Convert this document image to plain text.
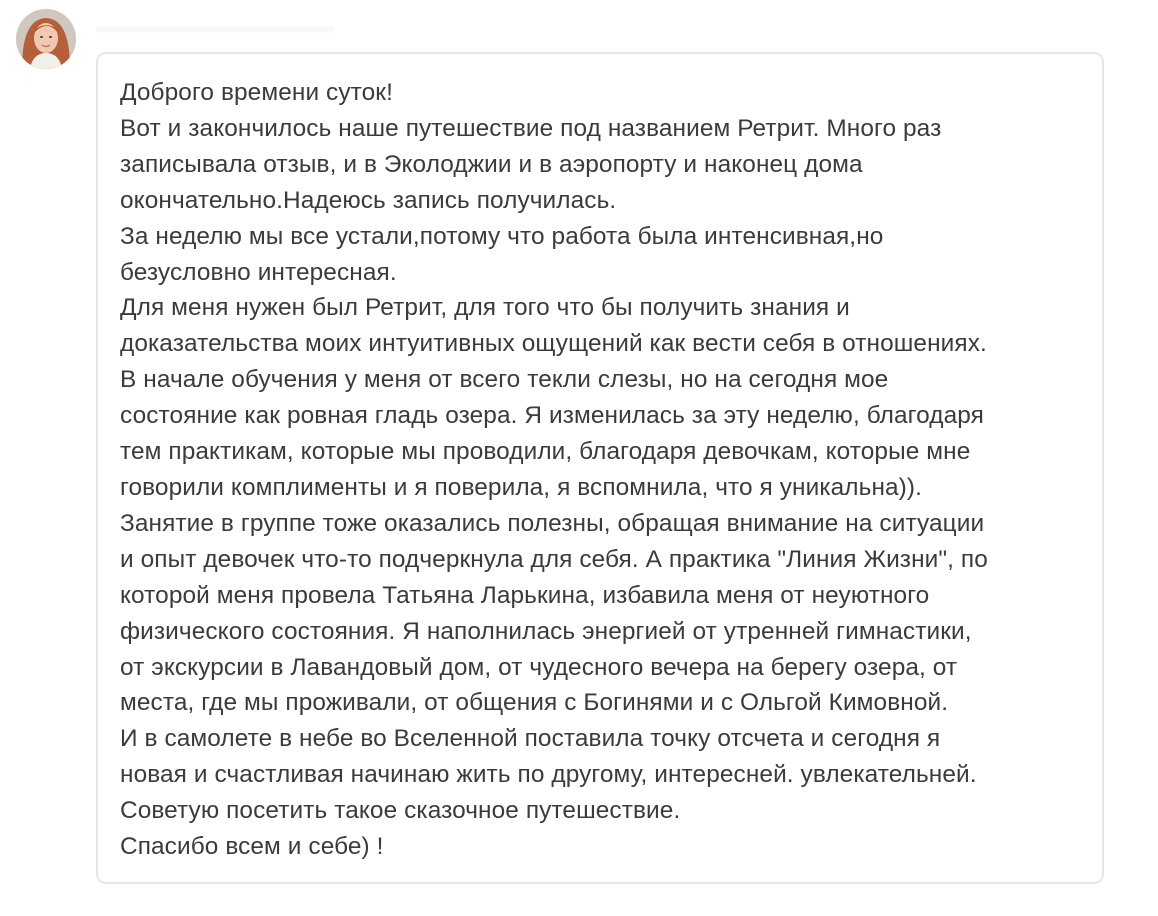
Доброго времени суток!
Вот и закончилось наше путешествие под названием Ретрит. Много раз
записывала отзыв, и в Эколоджии и в аэропорту и наконец дома
окончательно.Надеюсь запись получилась.
За неделю мы все устали,потому что работа была интенсивная,но
безусловно интересная.
Для меня нужен был Ретрит, для того что бы получить знания и
доказательства моих интуитивных ощущений как вести себя в отношениях.
В начале обучения у меня от всего текли слезы, но на сегодня мое
состояние как ровная гладь озера. Я изменилась за эту неделю, благодаря
тем практикам, которые мы проводили, благодаря девочкам, которые мне
говорили комплименты и я поверила, я вспомнила, что я уникальна)).
Занятие в группе тоже оказались полезны, обращая внимание на ситуации
и опыт девочек что-то подчеркнула для себя. А практика "Линия Жизни", по
которой меня провела Татьяна Ларькина, избавила меня от неуютного
физического состояния. Я наполнилась энергией от утренней гимнастики,
от экскурсии в Лавандовый дом, от чудесного вечера на берегу озера, от
места, где мы проживали, от общения с Богинями и с Ольгой Кимовной.
И в самолете в небе во Вселенной поставила точку отсчета и сегодня я
новая и счастливая начинаю жить по другому, интересней. увлекательней.
Советую посетить такое сказочное путешествие.
Спасибо всем и себе) !
